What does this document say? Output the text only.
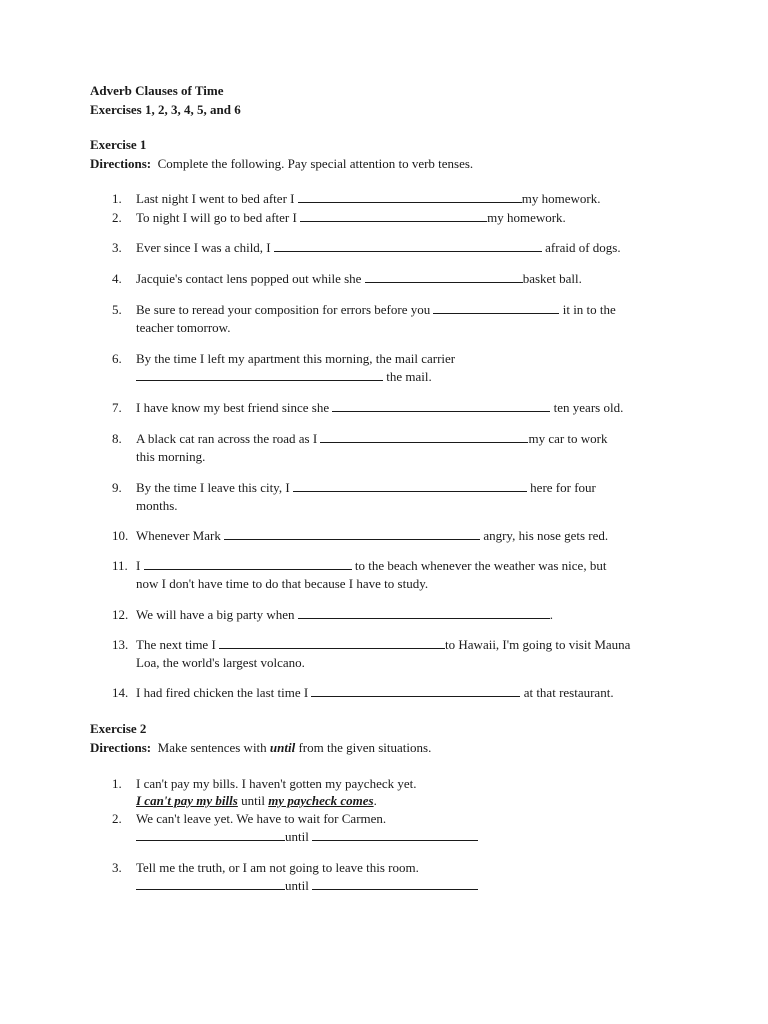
Adverb Clauses of Time
Exercises 1, 2, 3, 4, 5, and 6
Exercise 1
Directions: Complete the following. Pay special attention to verb tenses.
1. Last night I went to bed after I	my homework.
2. To night I will go to bed after I	my homework.
3. Ever since I was a child, I	afraid of dogs.
4. Jacquie's contact lens popped out while she	basket ball.
5. Be sure to reread your composition for errors before you	it in to the
teacher tomorrow.
6. By the time I left my apartment this morning, the mail carrier
the mail.
7. I have know my best friend since she	ten years old.
8. A black cat ran across the road as I	my car to work
this morning.
9. By the time I leave this city, I	here for four
months.
10. Whenever Mark	angry, his nose gets red.
11. I	to the beach whenever the weather was nice, but
now I don't have time to do that because I have to study.
12. We will have a big party when	.
13. The next time I	to Hawaii, I'm going to visit Mauna
Loa, the world's largest volcano.
14. I had fired chicken the last time I	at that restaurant.
Exercise 2
Directions: Make sentences with until from the given situations.
1. I can't pay my bills. I haven't gotten my paycheck yet.
I can't pay my bills until my paycheck comes.
2. We can't leave yet. We have to wait for Carmen.
until
3. Tell me the truth, or I am not going to leave this room.
until
